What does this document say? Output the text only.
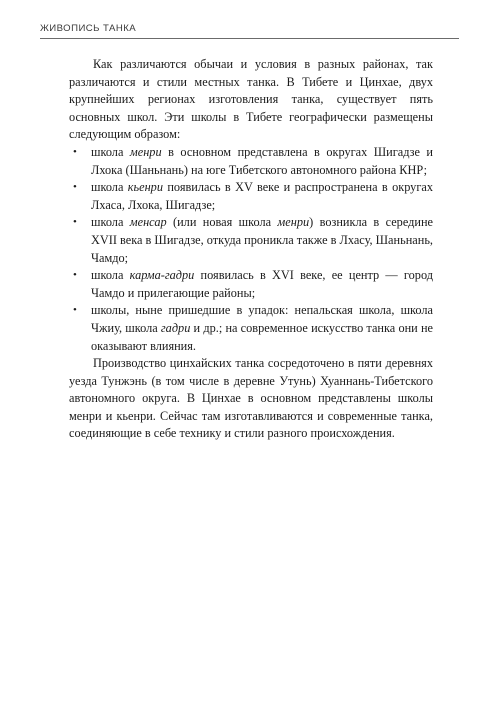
ЖИВОПИСЬ ТАНКА

Как различаются обычаи и условия в разных районах, так различаются и стили местных танка. В Тибете и Цинхае, двух крупнейших регионах изготовления танка, существует пять основных школ. Эти школы в Тибете географически размещены следующим образом:

• школа менри в основном представлена в округах Шигадзе и Лхока (Шаньнань) на юге Тибетского автономного района КНР;
• школа кьенри появилась в XV веке и распространена в округах Лхаса, Лхока, Шигадзе;
• школа менсар (или новая школа менри) возникла в середине XVII века в Шигадзе, откуда проникла также в Лхасу, Шаньнань, Чамдо;
• школа карма-гадри появилась в XVI веке, ее центр — город Чамдо и прилегающие районы;
• школы, ныне пришедшие в упадок: непальская школа, школа Чжиу, школа гадри и др.; на современное искусство танка они не оказывают влияния.

Производство цинхайских танка сосредоточено в пяти деревнях уезда Тунжэнь (в том числе в деревне Утунь) Хуаннань-Тибетского автономного округа. В Цинхае в основном представлены школы менри и кьенри. Сейчас там изготавливаются и современные танка, соединяющие в себе технику и стили разного происхождения.
